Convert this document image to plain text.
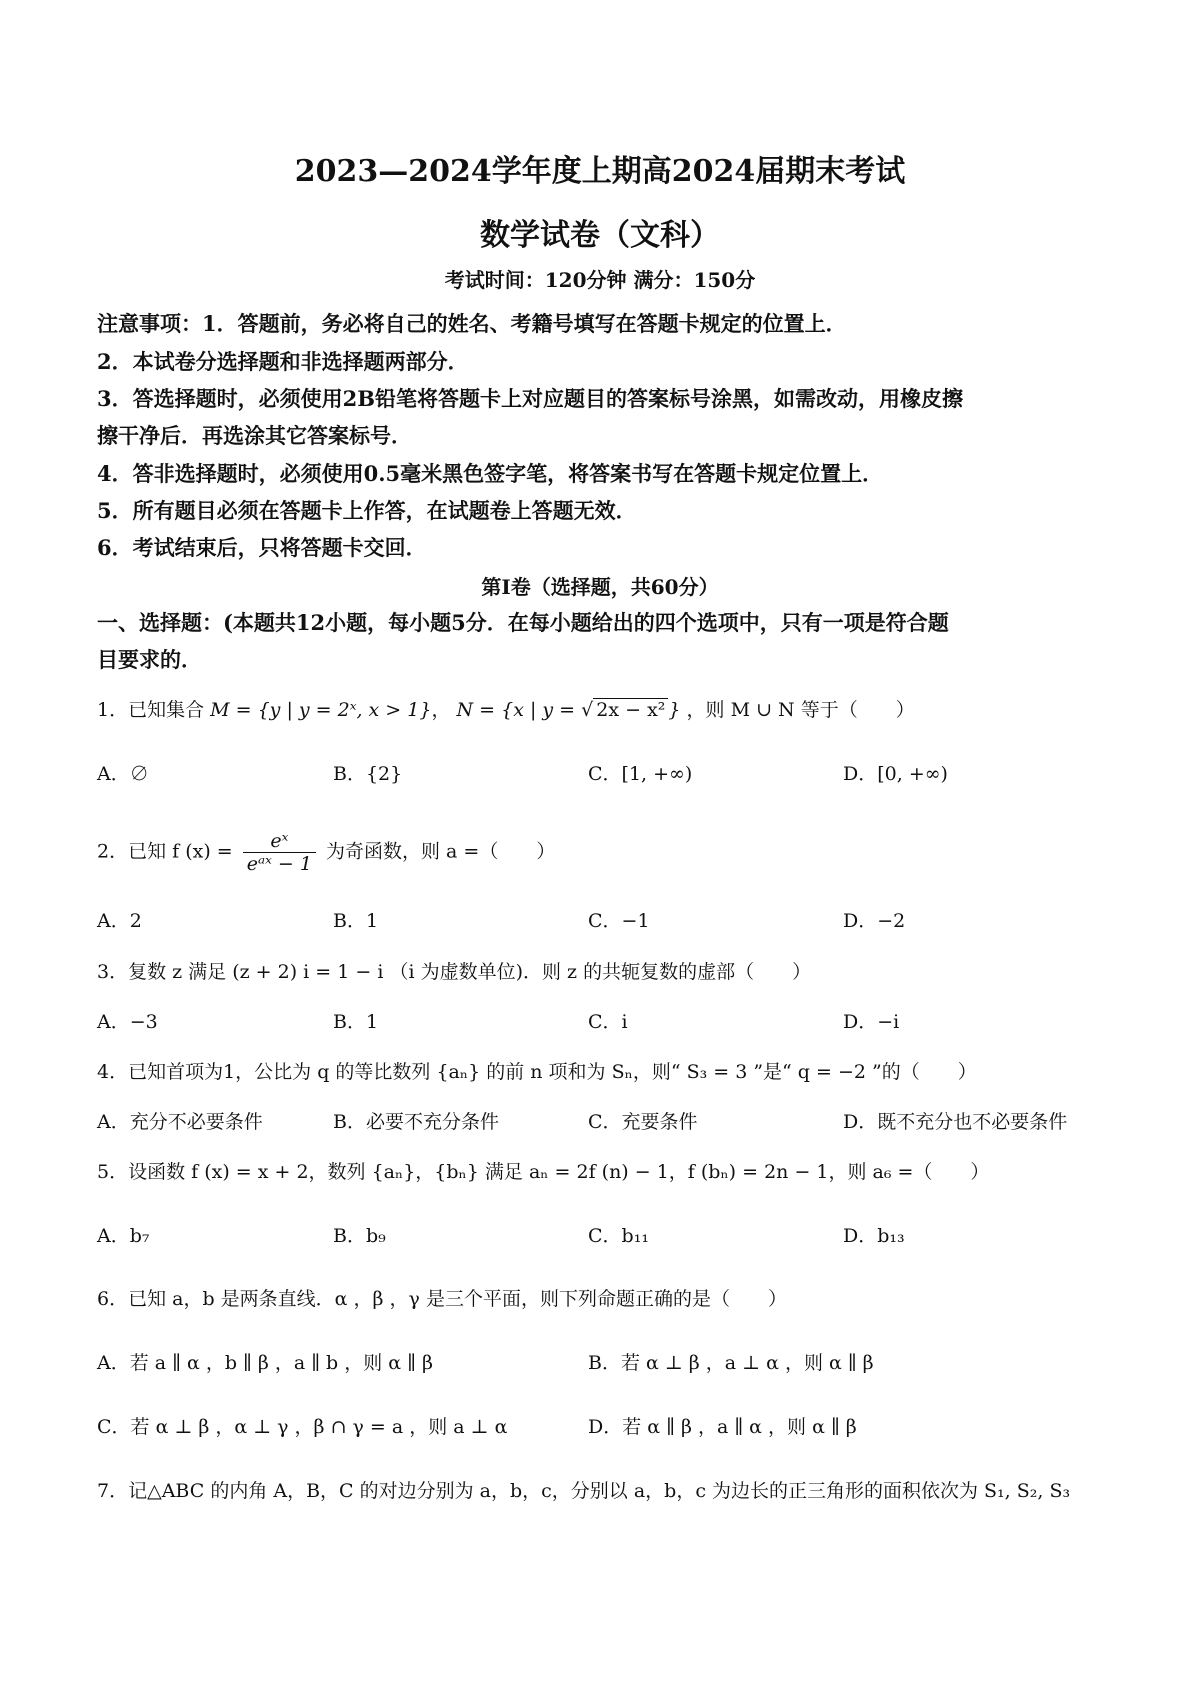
2023—2024学年度上期高2024届期末考试
数学试卷（文科）
考试时间：120分钟 满分：150分
注意事项：1．答题前，务必将自己的姓名、考籍号填写在答题卡规定的位置上．
2．本试卷分选择题和非选择题两部分．
3．答选择题时，必须使用2B铅笔将答题卡上对应题目的答案标号涂黑，如需改动，用橡皮擦
擦干净后．再选涂其它答案标号．
4．答非选择题时，必须使用0.5毫米黑色签字笔，将答案书写在答题卡规定位置上．
5．所有题目必须在答题卡上作答，在试题卷上答题无效．
6．考试结束后，只将答题卡交回．
第Ⅰ卷（选择题，共60分）
一、选择题：(本题共12小题，每小题5分．在每小题给出的四个选项中，只有一项是符合题
目要求的．
1．已知集合 M = {y | y = 2ˣ, x > 1}， N = {x | y = √ 2x − x² } ，则 M ∪ N 等于（　　）
A．∅	B．{2}	C．[1, +∞)	D．[0, +∞)
2．已知 f $(x) = \frac{\text{eˣ}}{\text{eᵃˣ − 1}}$ 为奇函数，则 a =（　　）
A．2	B．1	C．−1	D．−2
3．复数 z 满足 (z + 2) i = 1 − i （i 为虚数单位)．则 z 的共轭复数的虚部（　　）
A．−3	B．1	C．i	D．−i
4．已知首项为1，公比为 q 的等比数列 {aₙ} 的前 n 项和为 Sₙ，则“ S₃ = 3 ”是“ q = −2 ”的（　　）
A．充分不必要条件	B．必要不充分条件	C．充要条件	D．既不充分也不必要条件
5．设函数 f (x) = x + 2，数列 {aₙ}，{bₙ} 满足 aₙ = 2f (n) − 1，f (bₙ) = 2n − 1，则 a₆ =（　　）
A．b₇	B．b₉	C．b₁₁	D．b₁₃
6．已知 a，b 是两条直线．α ，β ，γ 是三个平面，则下列命题正确的是（　　）
A．若 a ∥ α ，b ∥ β ，a ∥ b ，则 α ∥ β	B．若 α ⊥ β ，a ⊥ α ，则 α ∥ β
C．若 α ⊥ β ，α ⊥ γ ，β ∩ γ = a ，则 a ⊥ α	D．若 α ∥ β ，a ∥ α ，则 α ∥ β
7．记△ABC 的内角 A，B，C 的对边分别为 a，b，c，分别以 a，b，c 为边长的正三角形的面积依次为 S₁, S₂, S₃
